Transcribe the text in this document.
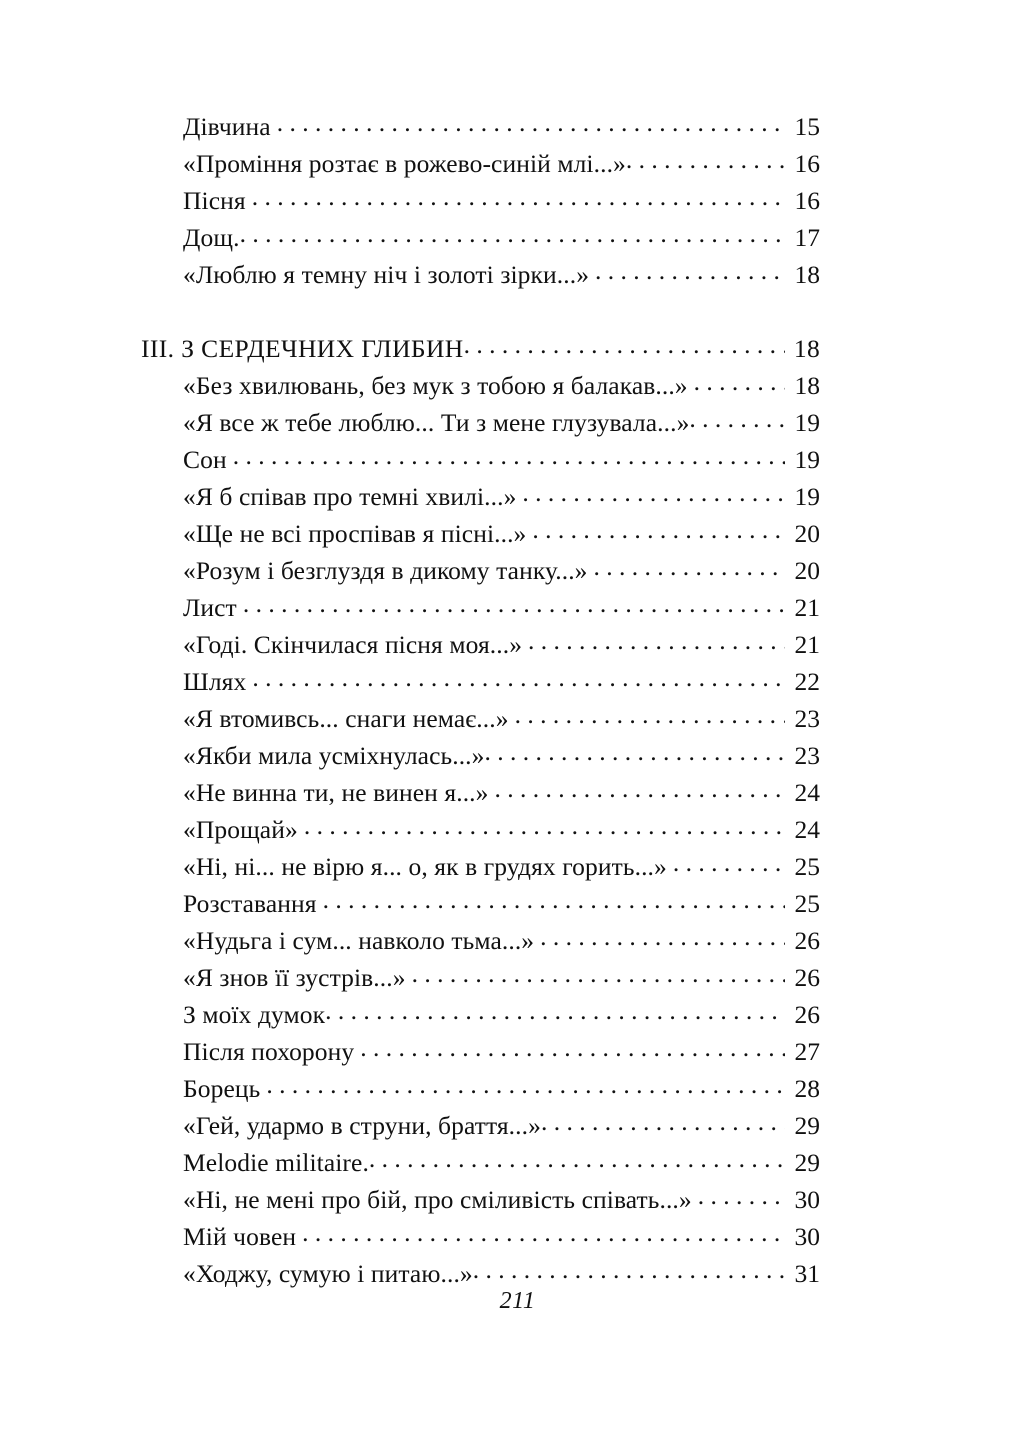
Дівчина . . .	15
«Проміння розтає в рожево-синій млі...» . . .	16
Пісня . . .	16
Дощ. . . .	17
«Люблю я темну ніч і золоті зірки...» . . .	18
III. З СЕРДЕЧНИХ ГЛИБИН . . .	18
«Без хвилювань, без мук з тобою я балакав...» . . .	18
«Я все ж тебе люблю... Ти з мене глузувала...» . . .	19
Сон . . .	19
«Я б співав про темні хвилі...» . . .	19
«Ще не всі проспівав я пісні...» . . .	20
«Розум і безглуздя в дикому танку...» . . .	20
Лист . . .	21
«Годі. Скінчилася пісня моя...» . . .	21
Шлях . . .	22
«Я втомивсь... снаги немає...» . . .	23
«Якби мила усміхнулась...» . . .	23
«Не винна ти, не винен я...» . . .	24
«Прощай» . . .	24
«Ні, ні... не вірю я... о, як в грудях горить...» . . .	25
Розставання . . .	25
«Нудьга і сум... навколо тьма...» . . .	26
«Я знов її зустрів...» . . .	26
З моїх думок . . .	26
Після похорону . . .	27
Борець . . .	28
«Гей, удармо в струни, браття...» . . .	29
Melodie militaire. . . .	29
«Ні, не мені про бій, про сміливість співать...» . . .	30
Мій човен . . .	30
«Ходжу, сумую і питаю...» . . .	31
211
